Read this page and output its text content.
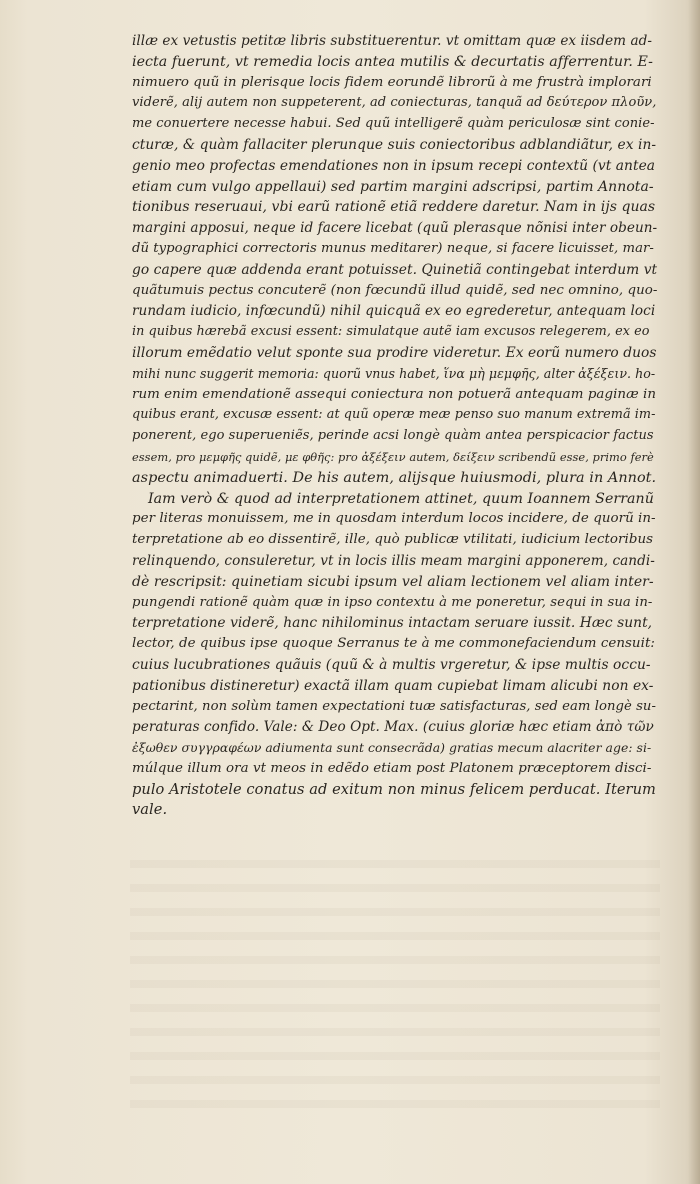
illæ ex vetustis petitæ libris substituerentur. vt omittam quæ ex iisdem ad-
iecta fuerunt, vt remedia locis antea mutilis & decurtatis afferrentur. E-
nimuero quũ in plerisque locis fidem eorundẽ librorũ à me frustrà implorari
viderẽ, alij autem non suppeterent, ad coniecturas, tanquã ad δεύτερον πλοῦν,
me conuertere necesse habui. Sed quũ intelligerẽ quàm periculosæ sint conie-
cturæ, & quàm fallaciter plerunque suis coniectoribus adblandiãtur, ex in-
genio meo profectas emendationes non in ipsum recepi contextũ (vt antea
etiam cum vulgo appellaui) sed partim margini adscripsi, partim Annota-
tionibus reseruaui, vbi earũ rationẽ etiã reddere daretur. Nam in ijs quas
margini apposui, neque id facere licebat (quũ plerasque nõnisi inter obeun-
dũ typographici correctoris munus meditarer) neque, si facere licuisset, mar-
go capere quæ addenda erant potuisset. Quinetiã contingebat interdum vt
quãtumuis pectus concuterẽ (non fœcundũ illud quidẽ, sed nec omnino, quo-
rundam iudicio, infœcundũ) nihil quicquã ex eo egrederetur, antequam loci
in quibus hærebã excusi essent: simulatque autẽ iam excusos relegerem, ex eo
illorum emẽdatio velut sponte sua prodire videretur. Ex eorũ numero duos
mihi nunc suggerit memoria: quorũ vnus habet, ἵνα μὴ μεμφῆς, alter ἀξέξειν. ho-
rum enim emendationẽ assequi coniectura non potuerã antequam paginæ in
quibus erant, excusæ essent: at quũ operæ meæ penso suo manum extremã im-
ponerent, ego superueniẽs, perinde acsi longè quàm antea perspicacior factus
essem, pro μεμφῆς quidẽ, με φθῆς: pro ἀξέξειν autem, δείξειν scribendũ esse, primo ferè
aspectu animaduerti. De his autem, alijsque huiusmodi, plura in Annot.
Iam verò & quod ad interpretationem attinet, quum Ioannem Serranũ
per literas monuissem, me in quosdam interdum locos incidere, de quorũ in-
terpretatione ab eo dissentirẽ, ille, quò publicæ vtilitati, iudicium lectoribus
relinquendo, consuleretur, vt in locis illis meam margini apponerem, candi-
dè rescripsit: quinetiam sicubi ipsum vel aliam lectionem vel aliam inter-
pungendi rationẽ quàm quæ in ipso contextu à me poneretur, sequi in sua in-
terpretatione viderẽ, hanc nihilominus intactam seruare iussit. Hæc sunt,
lector, de quibus ipse quoque Serranus te à me commonefaciendum censuit:
cuius lucubrationes quãuis (quũ & à multis vrgeretur, & ipse multis occu-
pationibus distineretur) exactã illam quam cupiebat limam alicubi non ex-
pectarint, non solùm tamen expectationi tuæ satisfacturas, sed eam longè su-
peraturas confido. Vale: & Deo Opt. Max. (cuius gloriæ hæc etiam ἀπὸ τῶν
ἐξωθεν συγγραφέων adiumenta sunt consecrãda) gratias mecum alacriter age: si-
múlque illum ora vt meos in edẽdo etiam post Platonem præceptorem disci-
pulo Aristotele conatus ad exitum non minus felicem perducat. Iterum
vale.
